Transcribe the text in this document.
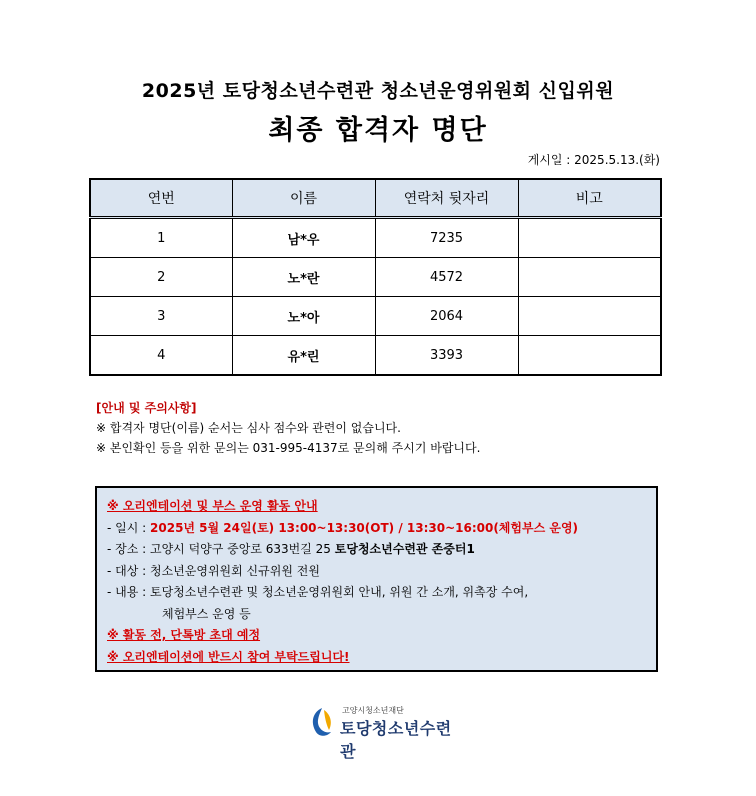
2025년 토당청소년수련관 청소년운영위원회 신입위원
최종 합격자 명단
게시일 : 2025.5.13.(화)
연번	이름	연락처 뒷자리	비고
1	남*우	7235	
2	노*란	4572	
3	노*아	2064	
4	유*린	3393	
[안내 및 주의사항]
※ 합격자 명단(이름) 순서는 심사 점수와 관련이 없습니다.
※ 본인확인 등을 위한 문의는 031-995-4137로 문의해 주시기 바랍니다.
※ 오리엔테이션 및 부스 운영 활동 안내
- 일시 : 2025년 5월 24일(토) 13:00~13:30(OT) / 13:30~16:00(체험부스 운영)
- 장소 : 고양시 덕양구 중앙로 633번길 25 토당청소년수련관 존중터1
- 대상 : 청소년운영위원회 신규위원 전원
- 내용 : 토당청소년수련관 및 청소년운영위원회 안내, 위원 간 소개, 위촉장 수여,
체험부스 운영 등
※ 활동 전, 단톡방 초대 예정
※ 오리엔테이션에 반드시 참여 부탁드립니다!
고양시청소년재단
토당청소년수련관
